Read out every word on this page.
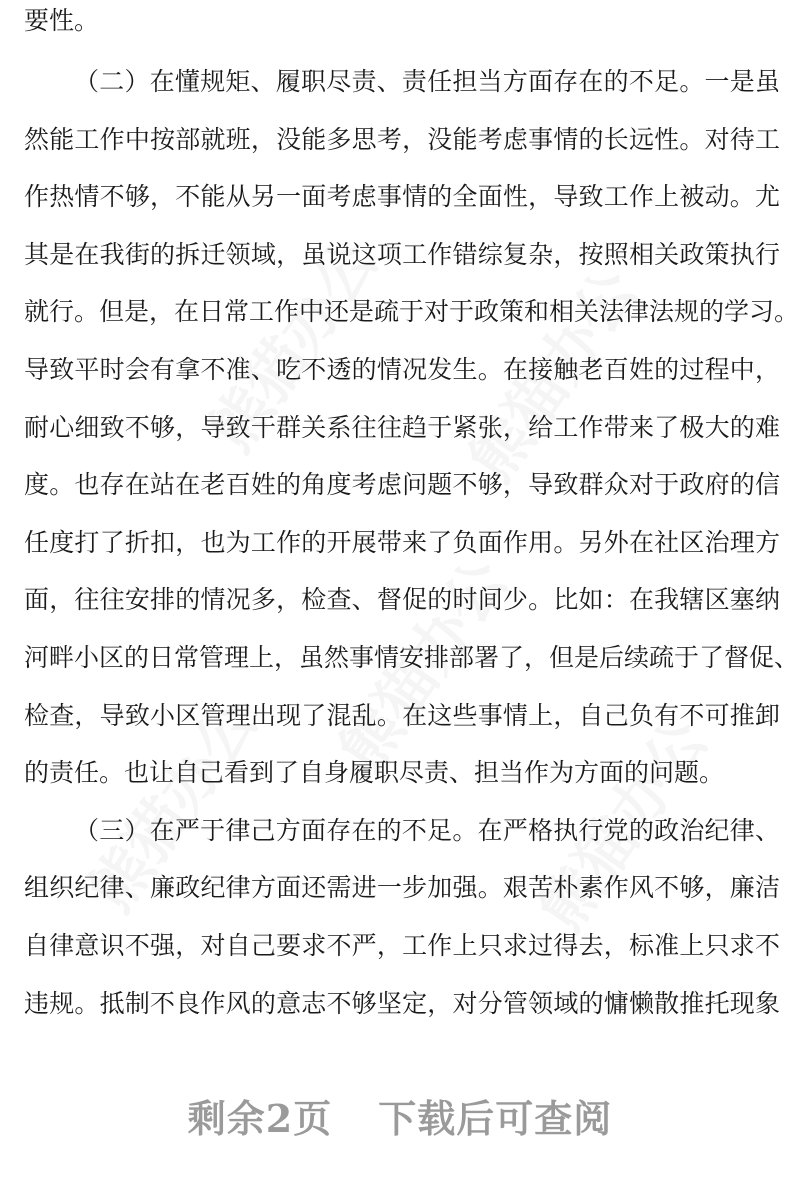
熊猫办公 熊猫办公
熊猫办公
熊猫办公	熊猫办公
要性。
（二）在懂规矩、履职尽责、责任担当方面存在的不足。一是虽
然能工作中按部就班，没能多思考，没能考虑事情的长远性。对待工
作热情不够，不能从另一面考虑事情的全面性，导致工作上被动。尤
其是在我街的拆迁领域，虽说这项工作错综复杂，按照相关政策执行
就行。但是，在日常工作中还是疏于对于政策和相关法律法规的学习。
导致平时会有拿不准、吃不透的情况发生。在接触老百姓的过程中，
耐心细致不够，导致干群关系往往趋于紧张，给工作带来了极大的难
度。也存在站在老百姓的角度考虑问题不够，导致群众对于政府的信
任度打了折扣，也为工作的开展带来了负面作用。另外在社区治理方
面，往往安排的情况多，检查、督促的时间少。比如：在我辖区塞纳
河畔小区的日常管理上，虽然事情安排部署了，但是后续疏于了督促、
检查，导致小区管理出现了混乱。在这些事情上，自己负有不可推卸
的责任。也让自己看到了自身履职尽责、担当作为方面的问题。
（三）在严于律己方面存在的不足。在严格执行党的政治纪律、
组织纪律、廉政纪律方面还需进一步加强。艰苦朴素作风不够，廉洁
自律意识不强，对自己要求不严，工作上只求过得去，标准上只求不
违规。抵制不良作风的意志不够坚定，对分管领域的慵懒散推托现象
剩余2页 下载后可查阅
